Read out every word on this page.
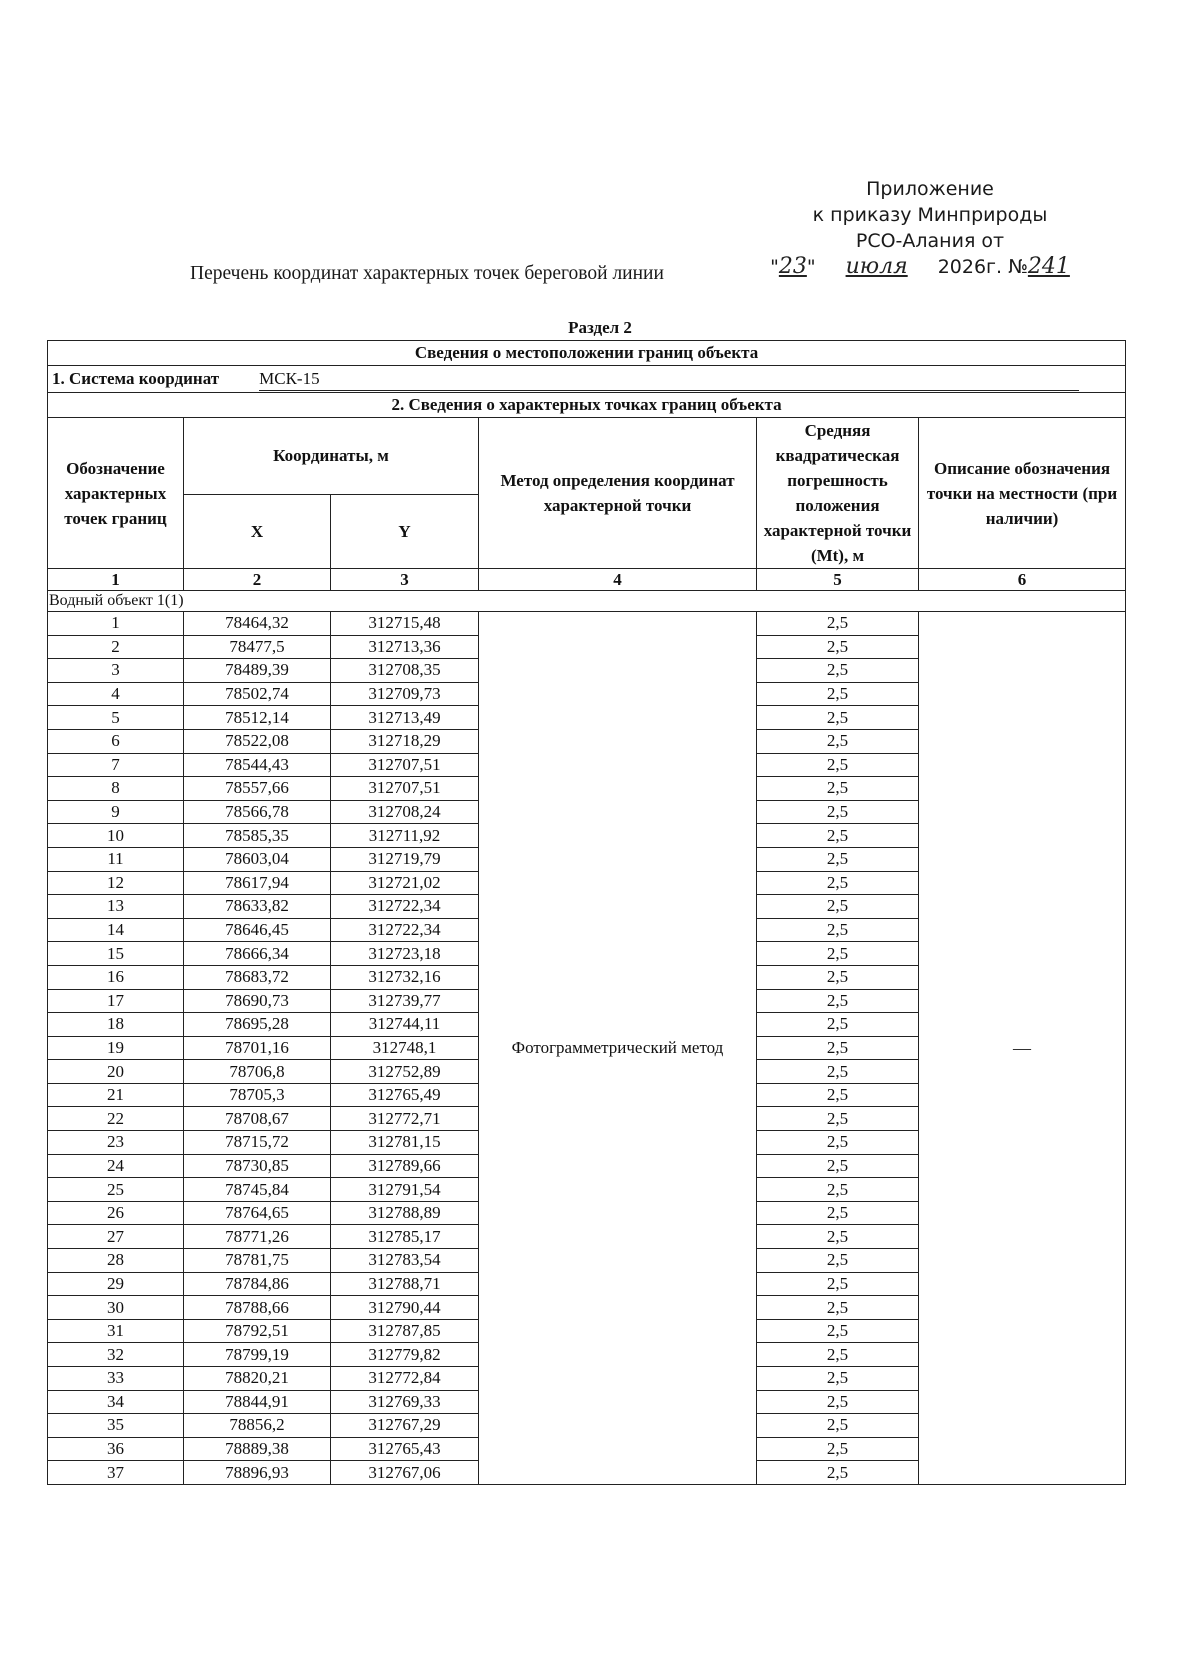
Приложение
к приказу Минприроды
РСО-Алания от
"23" июля 2026г. №241
Перечень координат характерных точек береговой линии
Раздел 2
Сведения о местоположении границ объекта					
1. Система координат МСК-15					
2. Сведения о характерных точках границ объекта					
Обозначение характерных точек границ	Координаты, м		Метод определения координат характерной точки	Средняя квадратическая погрешность положения характерной точки (Mt), м	Описание обозначения точки на местности (при наличии)
	X	Y			
1	2	3	4	5	6
Водный объект 1(1)					
1	78464,32	312715,48	Фотограмметрический метод	2,5	—
2	78477,5	312713,36		2,5	
3	78489,39	312708,35		2,5	
4	78502,74	312709,73		2,5	
5	78512,14	312713,49		2,5	
6	78522,08	312718,29		2,5	
7	78544,43	312707,51		2,5	
8	78557,66	312707,51		2,5	
9	78566,78	312708,24		2,5	
10	78585,35	312711,92		2,5	
11	78603,04	312719,79		2,5	
12	78617,94	312721,02		2,5	
13	78633,82	312722,34		2,5	
14	78646,45	312722,34		2,5	
15	78666,34	312723,18		2,5	
16	78683,72	312732,16		2,5	
17	78690,73	312739,77		2,5	
18	78695,28	312744,11		2,5	
19	78701,16	312748,1		2,5	
20	78706,8	312752,89		2,5	
21	78705,3	312765,49		2,5	
22	78708,67	312772,71		2,5	
23	78715,72	312781,15		2,5	
24	78730,85	312789,66		2,5	
25	78745,84	312791,54		2,5	
26	78764,65	312788,89		2,5	
27	78771,26	312785,17		2,5	
28	78781,75	312783,54		2,5	
29	78784,86	312788,71		2,5	
30	78788,66	312790,44		2,5	
31	78792,51	312787,85		2,5	
32	78799,19	312779,82		2,5	
33	78820,21	312772,84		2,5	
34	78844,91	312769,33		2,5	
35	78856,2	312767,29		2,5	
36	78889,38	312765,43		2,5	
37	78896,93	312767,06		2,5	
